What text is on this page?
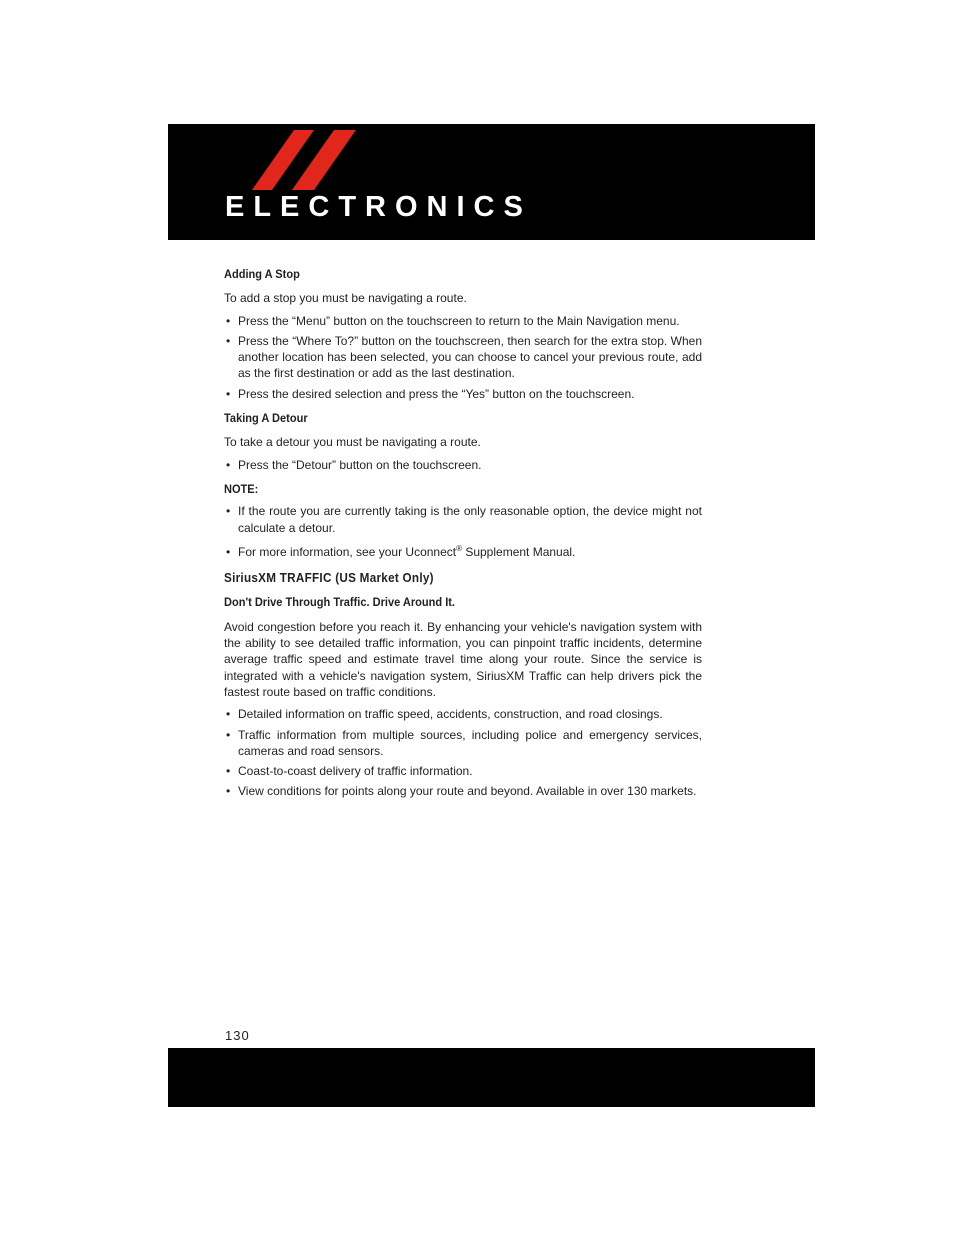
ELECTRONICS
Adding A Stop

To add a stop you must be navigating a route.

• Press the “Menu” button on the touchscreen to return to the Main Navigation menu.
• Press the “Where To?” button on the touchscreen, then search for the extra stop. When another location has been selected, you can choose to cancel your previous route, add as the first destination or add as the last destination.
• Press the desired selection and press the “Yes” button on the touchscreen.
Taking A Detour

To take a detour you must be navigating a route.

• Press the “Detour” button on the touchscreen.
NOTE:
• If the route you are currently taking is the only reasonable option, the device might not calculate a detour.
• For more information, see your Uconnect® Supplement Manual.
SiriusXM TRAFFIC (US Market Only)
Don't Drive Through Traffic. Drive Around It.

Avoid congestion before you reach it. By enhancing your vehicle's navigation system with the ability to see detailed traffic information, you can pinpoint traffic incidents, determine average traffic speed and estimate travel time along your route. Since the service is integrated with a vehicle's navigation system, SiriusXM Traffic can help drivers pick the fastest route based on traffic conditions.

• Detailed information on traffic speed, accidents, construction, and road closings.
• Traffic information from multiple sources, including police and emergency services, cameras and road sensors.
• Coast-to-coast delivery of traffic information.
• View conditions for points along your route and beyond. Available in over 130 markets.
130
